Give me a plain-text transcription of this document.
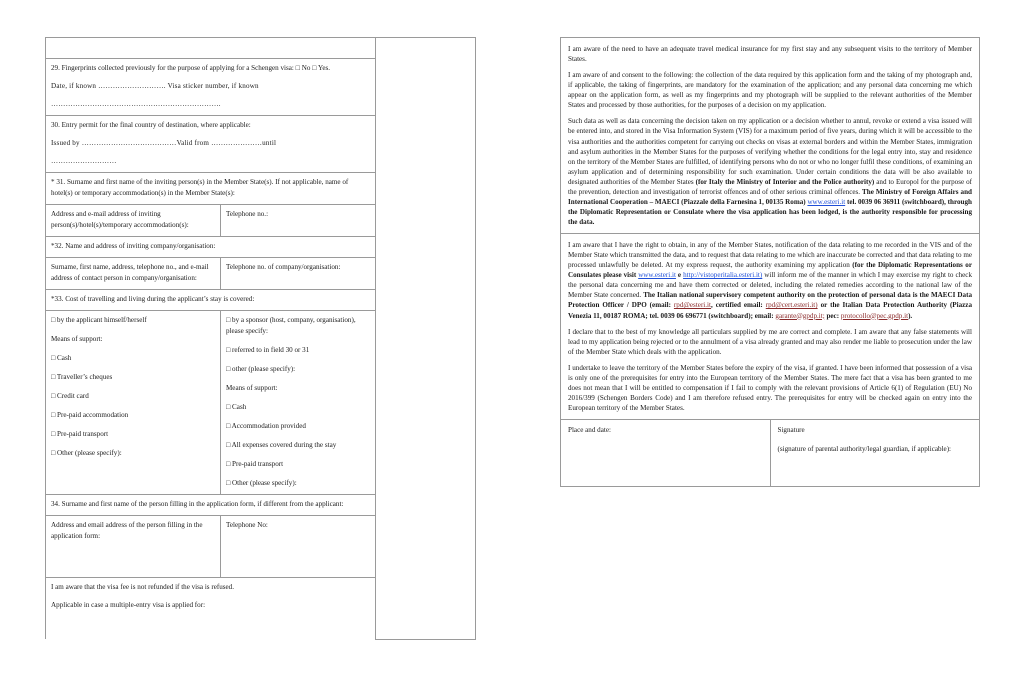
29. Fingerprints collected previously for the purpose of applying for a Schengen visa: □ No □ Yes.

Date, if known ………………………. Visa sticker number, if known

…………………………………………………………….		

30. Entry permit for the final country of destination, where applicable:

Issued by …………………………………Valid from …………………until

………………………		

* 31. Surname and first name of the inviting person(s) in the Member State(s). If not applicable, name of hotel(s) or temporary accommodation(s) in the Member State(s):		

Address and e-mail address of inviting person(s)/hotel(s)/temporary accommodation(s):	Telephone no.:	

*32. Name and address of inviting company/organisation:		

Surname, first name, address, telephone no., and e-mail address of contact person in company/organisation:	Telephone no. of company/organisation:	

*33. Cost of travelling and living during the applicant’s stay is covered:		

□ by the applicant himself/herself

Means of support:

□ Cash

□ Traveller’s cheques

□ Credit card

□ Pre-paid accommodation

□ Pre-paid transport

□ Other (please specify):

□ by a sponsor (host, company, organisation), please specify:

□ referred to in field 30 or 31

□ other (please specify):

Means of support:

□ Cash

□ Accommodation provided

□ All expenses covered during the stay

□ Pre-paid transport

□ Other (please specify):

34. Surname and first name of the person filling in the application form, if different from the applicant:		

Address and email address of the person filling in the application form:	Telephone No:	

I am aware that the visa fee is not refunded if the visa is refused.

Applicable in case a multiple-entry visa is applied for:		

I am aware of the need to have an adequate travel medical insurance for my first stay and any subsequent visits to the territory of Member States.

I am aware of and consent to the following: the collection of the data required by this application form and the taking of my photograph and, if applicable, the taking of fingerprints, are mandatory for the examination of the application; and any personal data concerning me which appear on the application form, as well as my fingerprints and my photograph will be supplied to the relevant authorities of the Member States and processed by those authorities, for the purposes of a decision on my application.

Such data as well as data concerning the decision taken on my application or a decision whether to annul, revoke or extend a visa issued will be entered into, and stored in the Visa Information System (VIS) for a maximum period of five years, during which it will be accessible to the visa authorities and the authorities competent for carrying out checks on visas at external borders and within the Member States, immigration and asylum authorities in the Member States for the purposes of verifying whether the conditions for the legal entry into, stay and residence on the territory of the Member States are fulfilled, of identifying persons who do not or who no longer fulfil these conditions, of examining an asylum application and of determining responsibility for such examination. Under certain conditions the data will be also available to designated authorities of the Member States (for Italy the Ministry of Interior and the Police authority) and to Europol for the purpose of the prevention, detection and investigation of terrorist offences and of other serious criminal offences. The Ministry of Foreign Affairs and International Cooperation – MAECI (Piazzale della Farnesina 1, 00135 Roma) www.esteri.it tel. 0039 06 36911 (switchboard), through the Diplomatic Representation or Consulate where the visa application has been lodged, is the authority responsible for processing the data.

I am aware that I have the right to obtain, in any of the Member States, notification of the data relating to me recorded in the VIS and of the Member State which transmitted the data, and to request that data relating to me which are inaccurate be corrected and that data relating to me processed unlawfully be deleted. At my express request, the authority examining my application (for the Diplomatic Representations or Consulates please visit www.esteri.it e http://vistoperitalia.esteri.it) will inform me of the manner in which I may exercise my right to check the personal data concerning me and have them corrected or deleted, including the related remedies according to the national law of the Member State concerned. The Italian national supervisory competent authority on the protection of personal data is the MAECI Data Protection Officer / DPO (email: rpd@esteri.it, certified email: rpd@cert.esteri.it) or the Italian Data Protection Authority (Piazza Venezia 11, 00187 ROMA; tel. 0039 06 696771 (switchboard); email: garante@gpdp.it; pec: protocollo@pec.gpdp.it).

I declare that to the best of my knowledge all particulars supplied by me are correct and complete. I am aware that any false statements will lead to my application being rejected or to the annulment of a visa already granted and may also render me liable to prosecution under the law of the Member State which deals with the application.

I undertake to leave the territory of the Member States before the expiry of the visa, if granted. I have been informed that possession of a visa is only one of the prerequisites for entry into the European territory of the Member States. The mere fact that a visa has been granted to me does not mean that I will be entitled to compensation if I fail to comply with the relevant provisions of Article 6(1) of Regulation (EU) No 2016/399 (Schengen Borders Code) and I am therefore refused entry. The prerequisites for entry will be checked again on entry into the European territory of the Member States.

Place and date:	Signature
(signature of parental authority/legal guardian, if applicable):
